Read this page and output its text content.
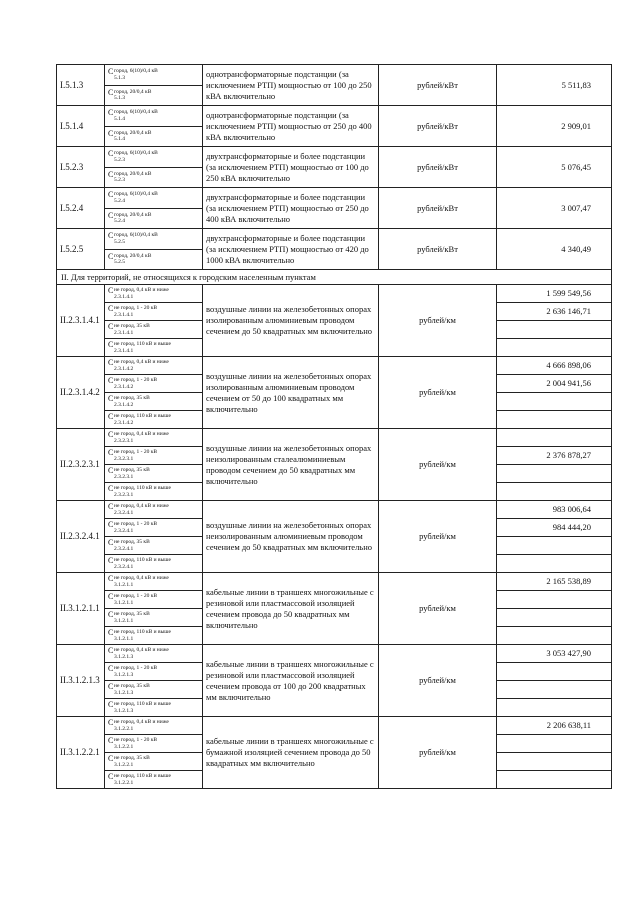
I.5.1.3	C город, 6(10)/0,4 кВ
5.1.3	однотрансформаторные подстанции (за исключением РТП) мощностью от 100 до 250 кВА включительно	рублей/кВт	5 511,83
	C город, 20/0,4 кВ
5.1.3			

I.5.1.4	C город, 6(10)/0,4 кВ
5.1.4	однотрансформаторные подстанции (за исключением РТП) мощностью от 250 до 400 кВА включительно	рублей/кВт	2 909,01
	C город, 20/0,4 кВ
5.1.4			

I.5.2.3	C город, 6(10)/0,4 кВ
5.2.3	двухтрансформаторные и более подстанции (за исключением РТП) мощностью от 100 до 250 кВА включительно	рублей/кВт	5 076,45
	C город, 20/0,4 кВ
5.2.3			

I.5.2.4	C город, 6(10)/0,4 кВ
5.2.4	двухтрансформаторные и более подстанции (за исключением РТП) мощностью от 250 до 400 кВА включительно	рублей/кВт	3 007,47
	C город, 20/0,4 кВ
5.2.4			

I.5.2.5	C город, 6(10)/0,4 кВ
5.2.5	двухтрансформаторные и более подстанции (за исключением РТП) мощностью от 420 до 1000 кВА включительно	рублей/кВт	4 340,49
	C город, 20/0,4 кВ
5.2.5			

II. Для территорий, не относящихся к городским населенным пунктам				
II.2.3.1.4.1	C не город, 0,4 кВ и ниже
2.3.1.4.1	воздушные линии на железобетонных опорах изолированным алюминиевым проводом сечением до 50 квадратных мм включительно	рублей/км	1 599 549,56
	C не город, 1 - 20 кВ
2.3.1.4.1			2 636 146,71
	C не город, 35 кВ
2.3.1.4.1			

	C не город, 110 кВ и выше
2.3.1.4.1			

II.2.3.1.4.2	C не город, 0,4 кВ и ниже
2.3.1.4.2	воздушные линии на железобетонных опорах изолированным алюминиевым проводом сечением от 50 до 100 квадратных мм включительно	рублей/км	4 666 898,06
	C не город, 1 - 20 кВ
2.3.1.4.2			2 004 941,56
	C не город, 35 кВ
2.3.1.4.2			

	C не город, 110 кВ и выше
2.3.1.4.2			

II.2.3.2.3.1	C не город, 0,4 кВ и ниже
2.3.2.3.1	воздушные линии на железобетонных опорах неизолированным сталеалюминиевым проводом сечением до 50 квадратных мм включительно	рублей/км	
	C не город, 1 - 20 кВ
2.3.2.3.1			2 376 878,27
	C не город, 35 кВ
2.3.2.3.1			

	C не город, 110 кВ и выше
2.3.2.3.1			

II.2.3.2.4.1	C не город, 0,4 кВ и ниже
2.3.2.4.1	воздушные линии на железобетонных опорах неизолированным алюминиевым проводом сечением до 50 квадратных мм включительно	рублей/км	983 006,64
	C не город, 1 - 20 кВ
2.3.2.4.1			984 444,20
	C не город, 35 кВ
2.3.2.4.1			

	C не город, 110 кВ и выше
2.3.2.4.1			

II.3.1.2.1.1	C не город, 0,4 кВ и ниже
3.1.2.1.1	кабельные линии в траншеях многожильные с резиновой или пластмассовой изоляцией сечением провода до 50 квадратных мм включительно	рублей/км	2 165 538,89
	C не город, 1 - 20 кВ
3.1.2.1.1			

	C не город, 35 кВ
3.1.2.1.1			

	C не город, 110 кВ и выше
3.1.2.1.1			

II.3.1.2.1.3	C не город, 0,4 кВ и ниже
3.1.2.1.3	кабельные линии в траншеях многожильные с резиновой или пластмассовой изоляцией сечением провода от 100 до 200 квадратных мм включительно	рублей/км	3 053 427,90
	C не город, 1 - 20 кВ
3.1.2.1.3			

	C не город, 35 кВ
3.1.2.1.3			

	C не город, 110 кВ и выше
3.1.2.1.3			

II.3.1.2.2.1	C не город, 0,4 кВ и ниже
3.1.2.2.1	кабельные линии в траншеях многожильные с бумажной изоляцией сечением провода до 50 квадратных мм включительно	рублей/км	2 206 638,11
	C не город, 1 - 20 кВ
3.1.2.2.1			

	C не город, 35 кВ
3.1.2.2.1			

	C не город, 110 кВ и выше
3.1.2.2.1			
